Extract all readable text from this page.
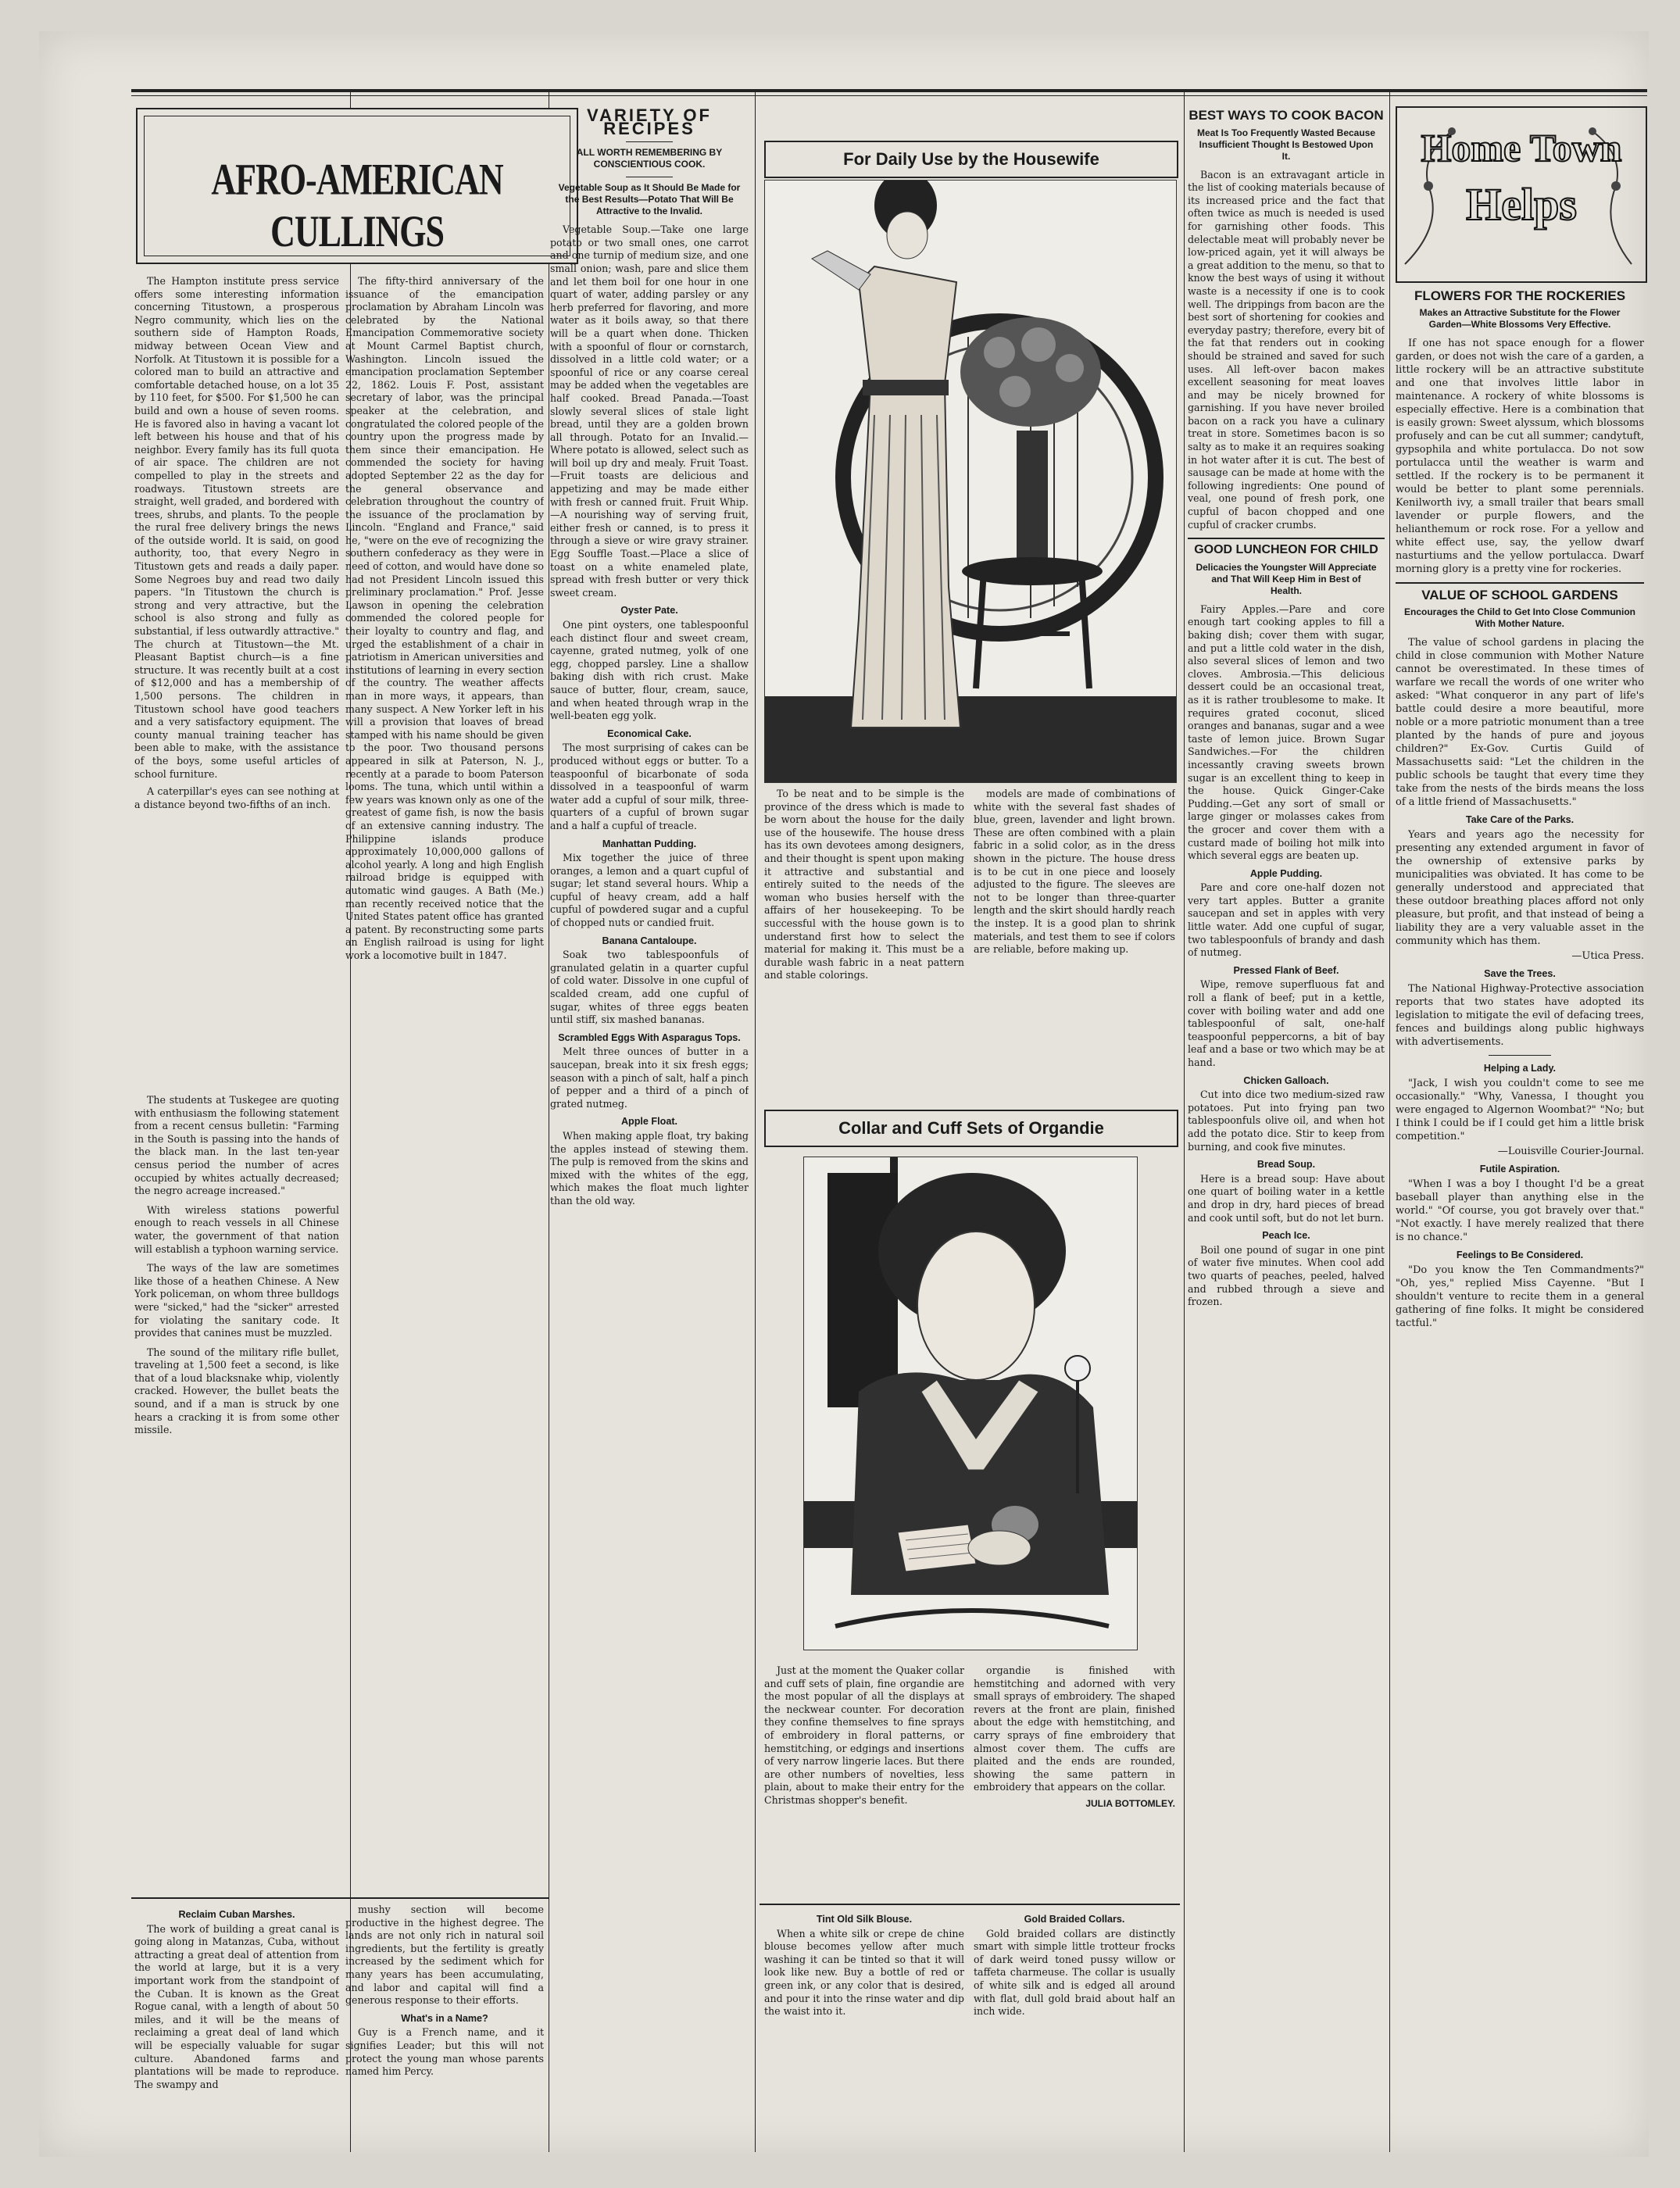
AFRO-AMERICAN CULLINGS

The Hampton institute press service offers some interesting information concerning Titustown, a prosperous Negro community, which lies on the southern side of Hampton Roads, midway between Ocean View and Norfolk. At Titustown it is possible for a colored man to build an attractive and comfortable detached house, on a lot 35 by 110 feet, for $500. For $1,500 he can build and own a house of seven rooms. He is favored also in having a vacant lot left between his house and that of his neighbor. Every family has its full quota of air space. The children are not compelled to play in the streets and roadways. Titustown streets are straight, well graded, and bordered with trees, shrubs, and plants. To the people the rural free delivery brings the news of the outside world. It is said, on good authority, too, that every Negro in Titustown gets and reads a daily paper. Some Negroes buy and read two daily papers. "In Titustown the church is strong and very attractive, but the school is also strong and fully as substantial, if less outwardly attractive." The church at Titustown—the Mt. Pleasant Baptist church—is a fine structure. It was recently built at a cost of $12,000 and has a membership of 1,500 persons. The children in Titustown school have good teachers and a very satisfactory equipment. The county manual training teacher has been able to make, with the assistance of the boys, some useful articles of school furniture.

A caterpillar's eyes can see nothing at a distance beyond two-fifths of an inch.

The students at Tuskegee are quoting with enthusiasm the following statement from a recent census bulletin: "Farming in the South is passing into the hands of the black man. In the last ten-year census period the number of acres occupied by whites actually decreased; the negro acreage increased."

With wireless stations powerful enough to reach vessels in all Chinese water, the government of that nation will establish a typhoon warning service.

The ways of the law are sometimes like those of a heathen Chinese. A New York policeman, on whom three bulldogs were "sicked," had the "sicker" arrested for violating the sanitary code. It provides that canines must be muzzled.

The sound of the military rifle bullet, traveling at 1,500 feet a second, is like that of a loud blacksnake whip, violently cracked. However, the bullet beats the sound, and if a man is struck by one hears a cracking it is from some other missile.

The fifty-third anniversary of the issuance of the emancipation proclamation by Abraham Lincoln was celebrated by the National Emancipation Commemorative society at Mount Carmel Baptist church, Washington. Lincoln issued the emancipation proclamation September 22, 1862. Louis F. Post, assistant secretary of labor, was the principal speaker at the celebration, and congratulated the colored people of the country upon the progress made by them since their emancipation. He commended the society for having adopted September 22 as the day for the general observance and celebration throughout the country of the issuance of the proclamation by Lincoln. "England and France," said he, "were on the eve of recognizing the southern confederacy as they were in need of cotton, and would have done so had not President Lincoln issued this preliminary proclamation." Prof. Jesse Lawson in opening the celebration commended the colored people for their loyalty to country and flag, and urged the establishment of a chair in patriotism in American universities and institutions of learning in every section of the country. The weather affects man in more ways, it appears, than many suspect. A New Yorker left in his will a provision that loaves of bread stamped with his name should be given to the poor. Two thousand persons appeared in silk at Paterson, N. J., recently at a parade to boom Paterson looms. The tuna, which until within a few years was known only as one of the greatest of game fish, is now the basis of an extensive canning industry. The Philippine islands produce approximately 10,000,000 gallons of alcohol yearly. A long and high English railroad bridge is equipped with automatic wind gauges. A Bath (Me.) man recently received notice that the United States patent office has granted a patent. By reconstructing some parts an English railroad is using for light work a locomotive built in 1847.

Reclaim Cuban Marshes.

The work of building a great canal is going along in Matanzas, Cuba, without attracting a great deal of attention from the world at large, but it is a very important work from the standpoint of the Cuban. It is known as the Great Rogue canal, with a length of about 50 miles, and it will be the means of reclaiming a great deal of land which will be especially valuable for sugar culture. Abandoned farms and plantations will be made to reproduce. The swampy and

mushy section will become productive in the highest degree. The lands are not only rich in natural soil ingredients, but the fertility is greatly increased by the sediment which for many years has been accumulating, and labor and capital will find a generous response to their efforts.

What's in a Name?

Guy is a French name, and it signifies Leader; but this will not protect the young man whose parents named him Percy.

VARIETY OF RECIPES
ALL WORTH REMEMBERING BY CONSCIENTIOUS COOK.
Vegetable Soup as It Should Be Made for the Best Results—Potato That Will Be Attractive to the Invalid.

Vegetable Soup.—Take one large potato or two small ones, one carrot and one turnip of medium size, and one small onion; wash, pare and slice them and let them boil for one hour in one quart of water, adding parsley or any herb preferred for flavoring, and more water as it boils away, so that there will be a quart when done. Thicken with a spoonful of flour or cornstarch, dissolved in a little cold water; or a spoonful of rice or any coarse cereal may be added when the vegetables are half cooked. Bread Panada.—Toast slowly several slices of stale light bread, until they are a golden brown all through. Potato for an Invalid.—Where potato is allowed, select such as will boil up dry and mealy. Fruit Toast.—Fruit toasts are delicious and appetizing and may be made either with fresh or canned fruit. Fruit Whip.—A nourishing way of serving fruit, either fresh or canned, is to press it through a sieve or wire gravy strainer. Egg Souffle Toast.—Place a slice of toast on a white enameled plate, spread with fresh butter or very thick sweet cream.

Oyster Pate.

One pint oysters, one tablespoonful each distinct flour and sweet cream, cayenne, grated nutmeg, yolk of one egg, chopped parsley. Line a shallow baking dish with rich crust. Make sauce of butter, flour, cream, sauce, and when heated through wrap in the well-beaten egg yolk.

Economical Cake.

The most surprising of cakes can be produced without eggs or butter. To a teaspoonful of bicarbonate of soda dissolved in a teaspoonful of warm water add a cupful of sour milk, three-quarters of a cupful of brown sugar and a half a cupful of treacle.

Manhattan Pudding.

Mix together the juice of three oranges, a lemon and a quart cupful of sugar; let stand several hours. Whip a cupful of heavy cream, add a half cupful of powdered sugar and a cupful of chopped nuts or candied fruit.

Banana Cantaloupe.

Soak two tablespoonfuls of granulated gelatin in a quarter cupful of cold water. Dissolve in one cupful of scalded cream, add one cupful of sugar, whites of three eggs beaten until stiff, six mashed bananas.

Scrambled Eggs With Asparagus Tops.

Melt three ounces of butter in a saucepan, break into it six fresh eggs; season with a pinch of salt, half a pinch of pepper and a third of a pinch of grated nutmeg.

Apple Float.

When making apple float, try baking the apples instead of stewing them. The pulp is removed from the skins and mixed with the whites of the egg, which makes the float much lighter than the old way.

For Daily Use by the Housewife

To be neat and to be simple is the province of the dress which is made to be worn about the house for the daily use of the housewife. The house dress has its own devotees among designers, and their thought is spent upon making it attractive and substantial and entirely suited to the needs of the woman who busies herself with the affairs of her housekeeping. To be successful with the house gown is to understand first how to select the material for making it. This must be a durable wash fabric in a neat pattern and stable colorings.

models are made of combinations of white with the several fast shades of blue, green, lavender and light brown. These are often combined with a plain fabric in a solid color, as in the dress shown in the picture. The house dress is to be cut in one piece and loosely adjusted to the figure. The sleeves are not to be longer than three-quarter length and the skirt should hardly reach the instep. It is a good plan to shrink materials, and test them to see if colors are reliable, before making up.

Collar and Cuff Sets of Organdie

Just at the moment the Quaker collar and cuff sets of plain, fine organdie are the most popular of all the displays at the neckwear counter. For decoration they confine themselves to fine sprays of embroidery in floral patterns, or hemstitching, or edgings and insertions of very narrow lingerie laces. But there are other numbers of novelties, less plain, about to make their entry for the Christmas shopper's benefit.

organdie is finished with hemstitching and adorned with very small sprays of embroidery. The shaped revers at the front are plain, finished about the edge with hemstitching, and carry sprays of fine embroidery that almost cover them. The cuffs are plaited and the ends are rounded, showing the same pattern in embroidery that appears on the collar.

JULIA BOTTOMLEY.
Tint Old Silk Blouse.

When a white silk or crepe de chine blouse becomes yellow after much washing it can be tinted so that it will look like new. Buy a bottle of red or green ink, or any color that is desired, and pour it into the rinse water and dip the waist into it.

Gold Braided Collars.

Gold braided collars are distinctly smart with simple little trotteur frocks of dark weird toned pussy willow or taffeta charmeuse. The collar is usually of white silk and is edged all around with flat, dull gold braid about half an inch wide.

BEST WAYS TO COOK BACON
Meat Is Too Frequently Wasted Because Insufficient Thought Is Bestowed Upon It.

Bacon is an extravagant article in the list of cooking materials because of its increased price and the fact that often twice as much is needed is used for garnishing other foods. This delectable meat will probably never be low-priced again, yet it will always be a great addition to the menu, so that to know the best ways of using it without waste is a necessity if one is to cook well. The drippings from bacon are the best sort of shortening for cookies and everyday pastry; therefore, every bit of the fat that renders out in cooking should be strained and saved for such uses. All left-over bacon makes excellent seasoning for meat loaves and may be nicely browned for garnishing. If you have never broiled bacon on a rack you have a culinary treat in store. Sometimes bacon is so salty as to make it an requires soaking in hot water after it is cut. The best of sausage can be made at home with the following ingredients: One pound of veal, one pound of fresh pork, one cupful of bacon chopped and one cupful of cracker crumbs.

GOOD LUNCHEON FOR CHILD
Delicacies the Youngster Will Appreciate and That Will Keep Him in Best of Health.

Fairy Apples.—Pare and core enough tart cooking apples to fill a baking dish; cover them with sugar, and put a little cold water in the dish, also several slices of lemon and two cloves. Ambrosia.—This delicious dessert could be an occasional treat, as it is rather troublesome to make. It requires grated coconut, sliced oranges and bananas, sugar and a wee taste of lemon juice. Brown Sugar Sandwiches.—For the children incessantly craving sweets brown sugar is an excellent thing to keep in the house. Quick Ginger-Cake Pudding.—Get any sort of small or large ginger or molasses cakes from the grocer and cover them with a custard made of boiling hot milk into which several eggs are beaten up.

Apple Pudding.

Pare and core one-half dozen not very tart apples. Butter a granite saucepan and set in apples with very little water. Add one cupful of sugar, two tablespoonfuls of brandy and dash of nutmeg.

Pressed Flank of Beef.

Wipe, remove superfluous fat and roll a flank of beef; put in a kettle, cover with boiling water and add one tablespoonful of salt, one-half teaspoonful peppercorns, a bit of bay leaf and a base or two which may be at hand.

Chicken Galloach.

Cut into dice two medium-sized raw potatoes. Put into frying pan two tablespoonfuls olive oil, and when hot add the potato dice. Stir to keep from burning, and cook five minutes.

Bread Soup.

Here is a bread soup: Have about one quart of boiling water in a kettle and drop in dry, hard pieces of bread and cook until soft, but do not let burn.

Peach Ice.

Boil one pound of sugar in one pint of water five minutes. When cool add two quarts of peaches, peeled, halved and rubbed through a sieve and frozen.

Home Town
Helps
FLOWERS FOR THE ROCKERIES
Makes an Attractive Substitute for the Flower Garden—White Blossoms Very Effective.

If one has not space enough for a flower garden, or does not wish the care of a garden, a little rockery will be an attractive substitute and one that involves little labor in maintenance. A rockery of white blossoms is especially effective. Here is a combination that is easily grown: Sweet alyssum, which blossoms profusely and can be cut all summer; candytuft, gypsophila and white portulacca. Do not sow portulacca until the weather is warm and settled. If the rockery is to be permanent it would be better to plant some perennials. Kenilworth ivy, a small trailer that bears small lavender or purple flowers, and the helianthemum or rock rose. For a yellow and white effect use, say, the yellow dwarf nasturtiums and the yellow portulacca. Dwarf morning glory is a pretty vine for rockeries.

VALUE OF SCHOOL GARDENS
Encourages the Child to Get Into Close Communion With Mother Nature.

The value of school gardens in placing the child in close communion with Mother Nature cannot be overestimated. In these times of warfare we recall the words of one writer who asked: "What conqueror in any part of life's battle could desire a more beautiful, more noble or a more patriotic monument than a tree planted by the hands of pure and joyous children?" Ex-Gov. Curtis Guild of Massachusetts said: "Let the children in the public schools be taught that every time they take from the nests of the birds means the loss of a little friend of Massachusetts."

Take Care of the Parks.

Years and years ago the necessity for presenting any extended argument in favor of the ownership of extensive parks by municipalities was obviated. It has come to be generally understood and appreciated that these outdoor breathing places afford not only pleasure, but profit, and that instead of being a liability they are a very valuable asset in the community which has them.

—Utica Press.
Save the Trees.

The National Highway-Protective association reports that two states have adopted its legislation to mitigate the evil of defacing trees, fences and buildings along public highways with advertisements.

Helping a Lady.

"Jack, I wish you couldn't come to see me occasionally." "Why, Vanessa, I thought you were engaged to Algernon Woombat?" "No; but I think I could be if I could get him a little brisk competition."

—Louisville Courier-Journal.
Futile Aspiration.

"When I was a boy I thought I'd be a great baseball player than anything else in the world." "Of course, you got bravely over that." "Not exactly. I have merely realized that there is no chance."

Feelings to Be Considered.

"Do you know the Ten Commandments?" "Oh, yes," replied Miss Cayenne. "But I shouldn't venture to recite them in a general gathering of fine folks. It might be considered tactful."
